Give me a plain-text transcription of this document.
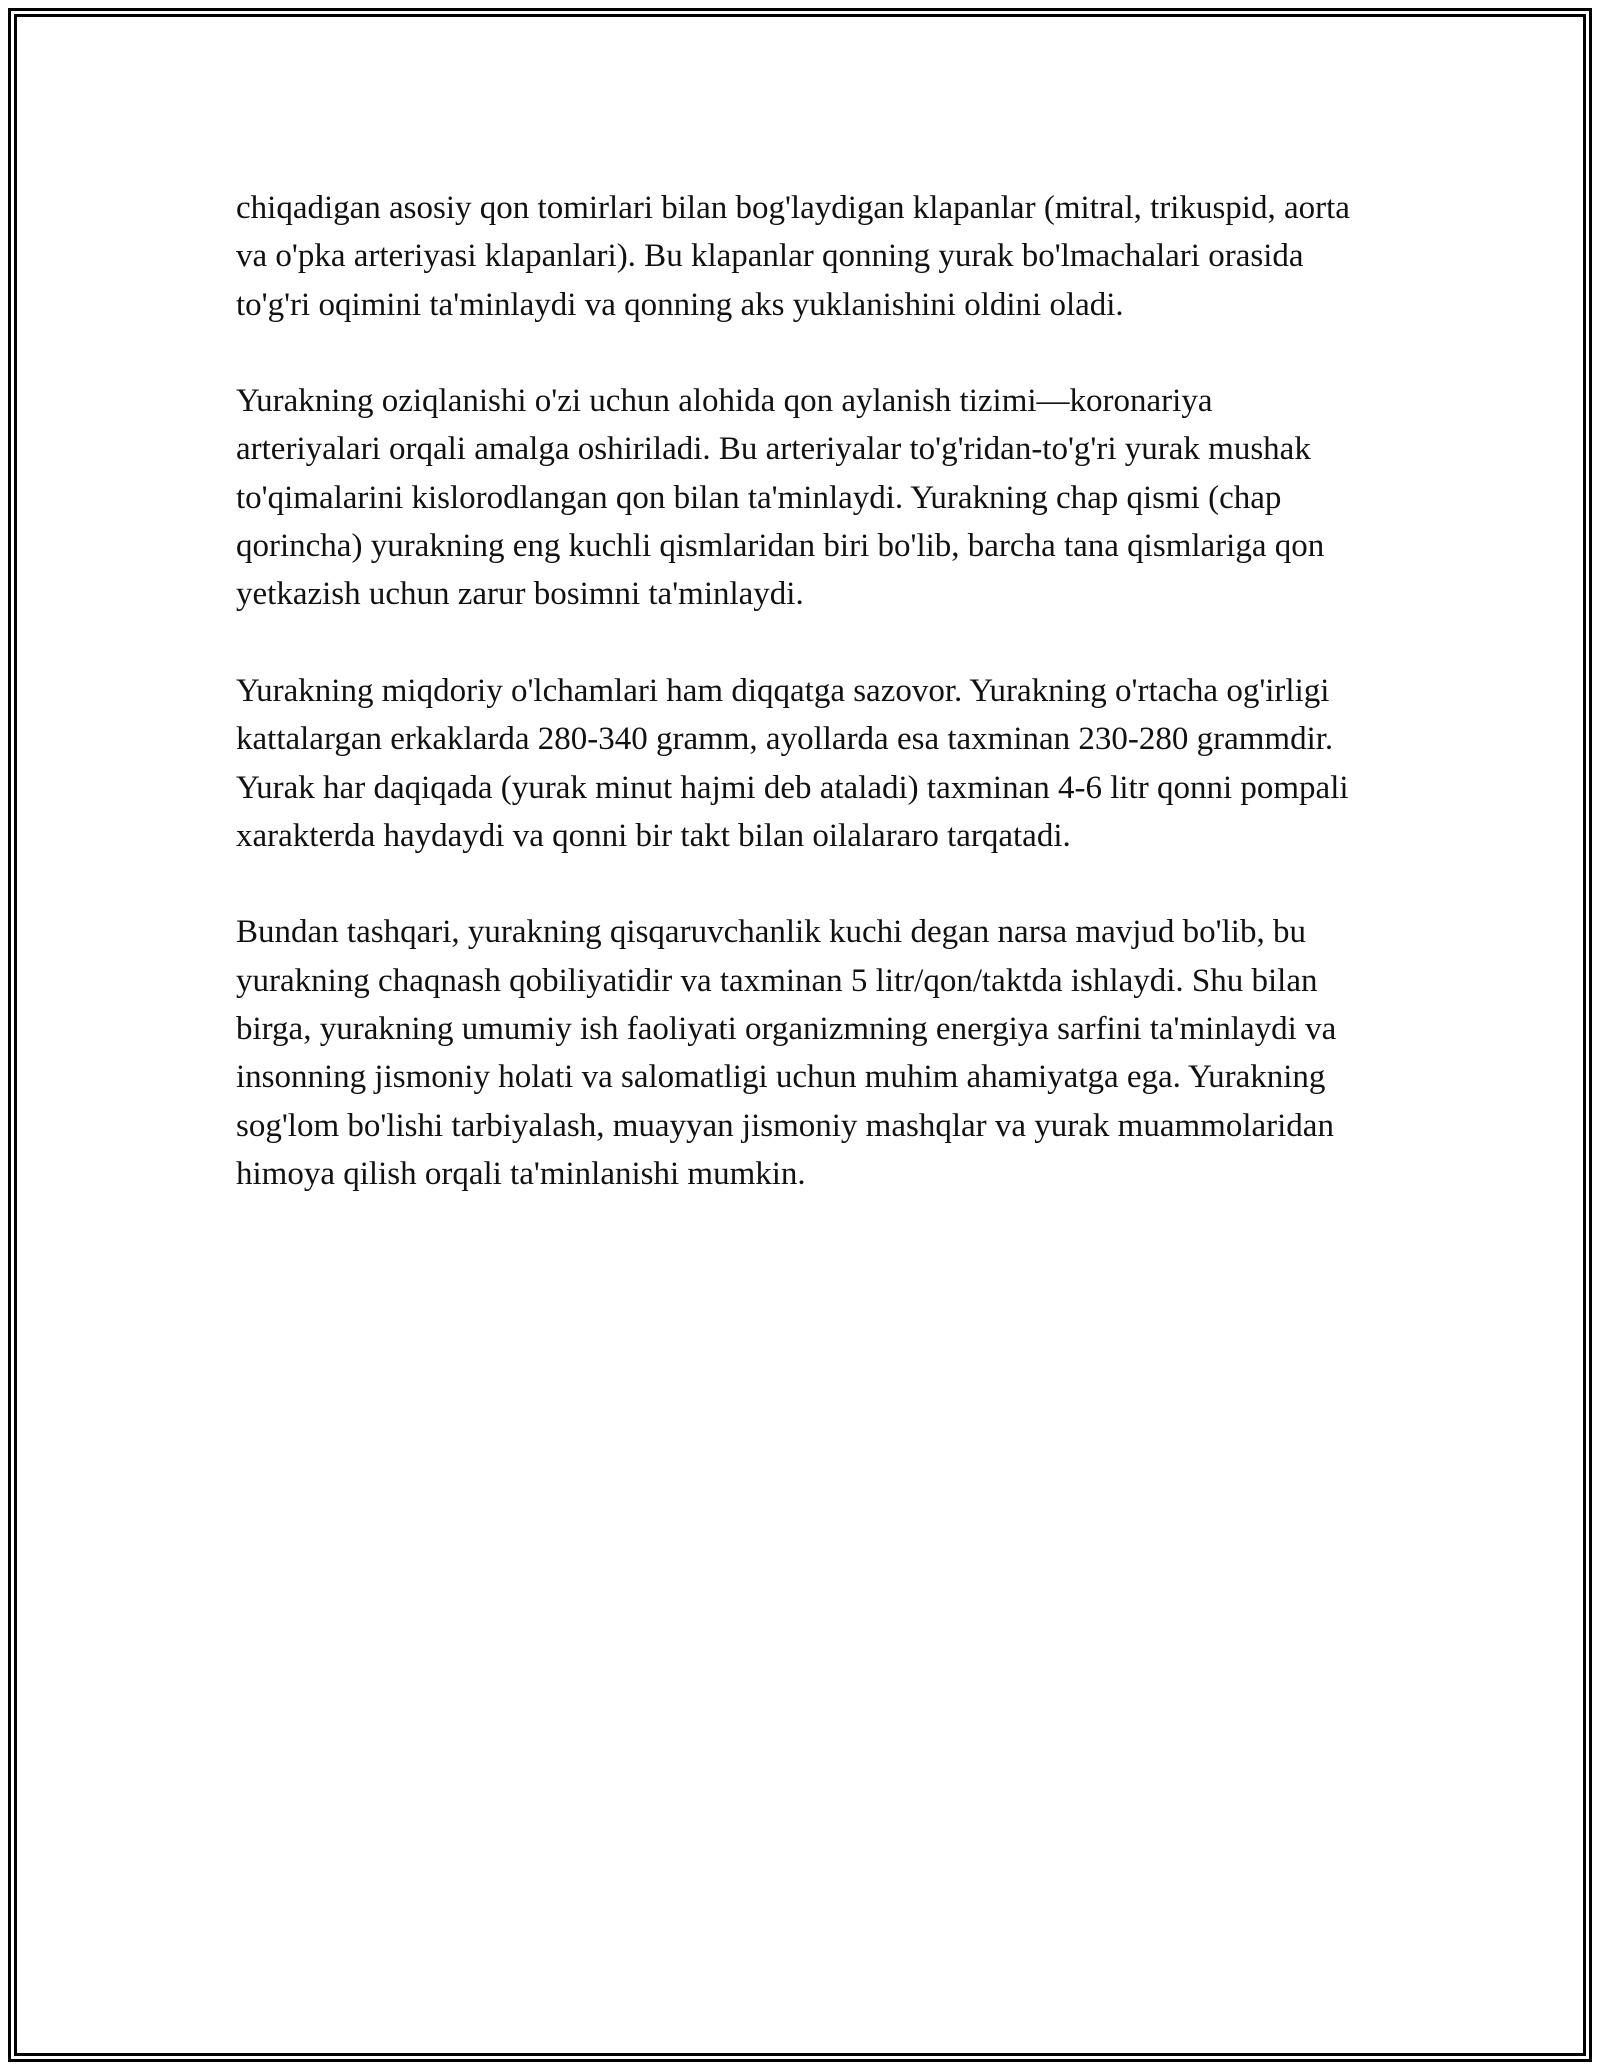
chiqadigan asosiy qon tomirlari bilan bog'laydigan klapanlar (mitral, trikuspid, aorta va o'pka arteriyasi klapanlari). Bu klapanlar qonning yurak bo'lmachalari orasida to'g'ri oqimini ta'minlaydi va qonning aks yuklanishini oldini oladi.

Yurakning oziqlanishi o'zi uchun alohida qon aylanish tizimi—koronariya arteriyalari orqali amalga oshiriladi. Bu arteriyalar to'g'ridan-to'g'ri yurak mushak to'qimalarini kislorodlangan qon bilan ta'minlaydi. Yurakning chap qismi (chap qorincha) yurakning eng kuchli qismlaridan biri bo'lib, barcha tana qismlariga qon yetkazish uchun zarur bosimni ta'minlaydi.

Yurakning miqdoriy o'lchamlari ham diqqatga sazovor. Yurakning o'rtacha og'irligi kattalargan erkaklarda 280-340 gramm, ayollarda esa taxminan 230-280 grammdir. Yurak har daqiqada (yurak minut hajmi deb ataladi) taxminan 4-6 litr qonni pompali xarakterda haydaydi va qonni bir takt bilan oilalararo tarqatadi.

Bundan tashqari, yurakning qisqaruvchanlik kuchi degan narsa mavjud bo'lib, bu yurakning chaqnash qobiliyatidir va taxminan 5 litr/qon/taktda ishlaydi. Shu bilan birga, yurakning umumiy ish faoliyati organizmning energiya sarfini ta'minlaydi va insonning jismoniy holati va salomatligi uchun muhim ahamiyatga ega. Yurakning sog'lom bo'lishi tarbiyalash, muayyan jismoniy mashqlar va yurak muammolaridan himoya qilish orqali ta'minlanishi mumkin.
